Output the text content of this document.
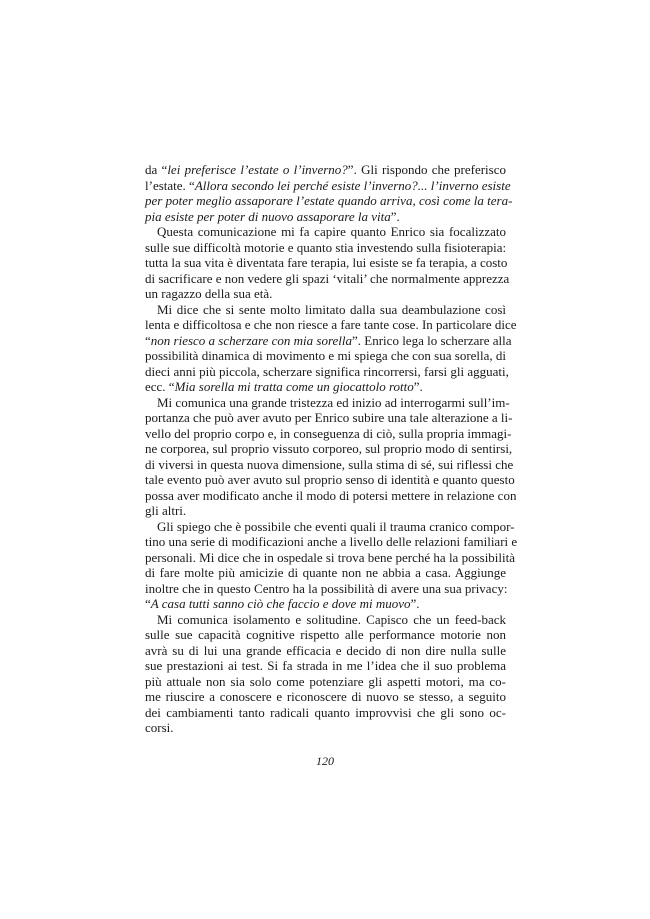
da “lei preferisce l’estate o l’inverno?”. Gli rispondo che preferisco
l’estate. “Allora secondo lei perché esiste l’inverno?... l’inverno esiste
per poter meglio assaporare l’estate quando arriva, così come la tera-
pia esiste per poter di nuovo assaporare la vita”.
Questa comunicazione mi fa capire quanto Enrico sia focalizzato
sulle sue difficoltà motorie e quanto stia investendo sulla fisioterapia:
tutta la sua vita è diventata fare terapia, lui esiste se fa terapia, a costo
di sacrificare e non vedere gli spazi ‘vitali’ che normalmente apprezza
un ragazzo della sua età.
Mi dice che si sente molto limitato dalla sua deambulazione così
lenta e difficoltosa e che non riesce a fare tante cose. In particolare dice
“non riesco a scherzare con mia sorella”. Enrico lega lo scherzare alla
possibilità dinamica di movimento e mi spiega che con sua sorella, di
dieci anni più piccola, scherzare significa rincorrersi, farsi gli agguati,
ecc. “Mia sorella mi tratta come un giocattolo rotto”.
Mi comunica una grande tristezza ed inizio ad interrogarmi sull’im-
portanza che può aver avuto per Enrico subire una tale alterazione a li-
vello del proprio corpo e, in conseguenza di ciò, sulla propria immagi-
ne corporea, sul proprio vissuto corporeo, sul proprio modo di sentirsi,
di viversi in questa nuova dimensione, sulla stima di sé, sui riflessi che
tale evento può aver avuto sul proprio senso di identità e quanto questo
possa aver modificato anche il modo di potersi mettere in relazione con
gli altri.
Gli spiego che è possibile che eventi quali il trauma cranico compor-
tino una serie di modificazioni anche a livello delle relazioni familiari e
personali. Mi dice che in ospedale si trova bene perché ha la possibilità
di fare molte più amicizie di quante non ne abbia a casa. Aggiunge
inoltre che in questo Centro ha la possibilità di avere una sua privacy:
“A casa tutti sanno ciò che faccio e dove mi muovo”.
Mi comunica isolamento e solitudine. Capisco che un feed-back
sulle sue capacità cognitive rispetto alle performance motorie non
avrà su di lui una grande efficacia e decido di non dire nulla sulle
sue prestazioni ai test. Si fa strada in me l’idea che il suo problema
più attuale non sia solo come potenziare gli aspetti motori, ma co-
me riuscire a conoscere e riconoscere di nuovo se stesso, a seguito
dei cambiamenti tanto radicali quanto improvvisi che gli sono oc-
corsi.
120
